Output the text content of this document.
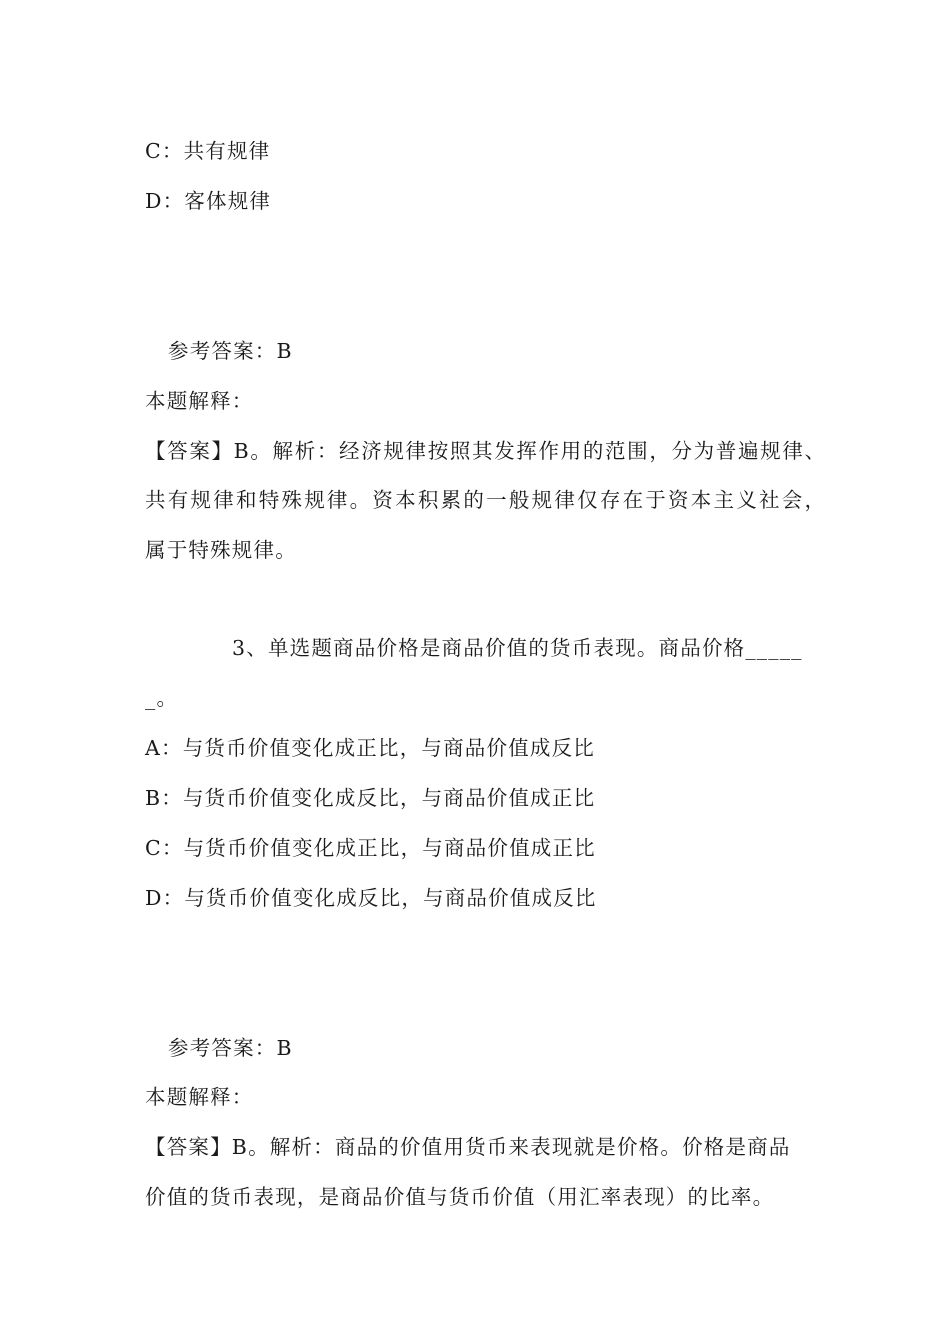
C：共有规律
D：客体规律
参考答案：B
本题解释：
【答案】B。解析：经济规律按照其发挥作用的范围，分为普遍规律、
共有规律和特殊规律。资本积累的一般规律仅存在于资本主义社会，
属于特殊规律。
3、单选题商品价格是商品价值的货币表现。商品价格_____
_。
A：与货币价值变化成正比，与商品价值成反比
B：与货币价值变化成反比，与商品价值成正比
C：与货币价值变化成正比，与商品价值成正比
D：与货币价值变化成反比，与商品价值成反比
参考答案：B
本题解释：
【答案】B。解析：商品的价值用货币来表现就是价格。价格是商品
价值的货币表现，是商品价值与货币价值（用汇率表现）的比率。
